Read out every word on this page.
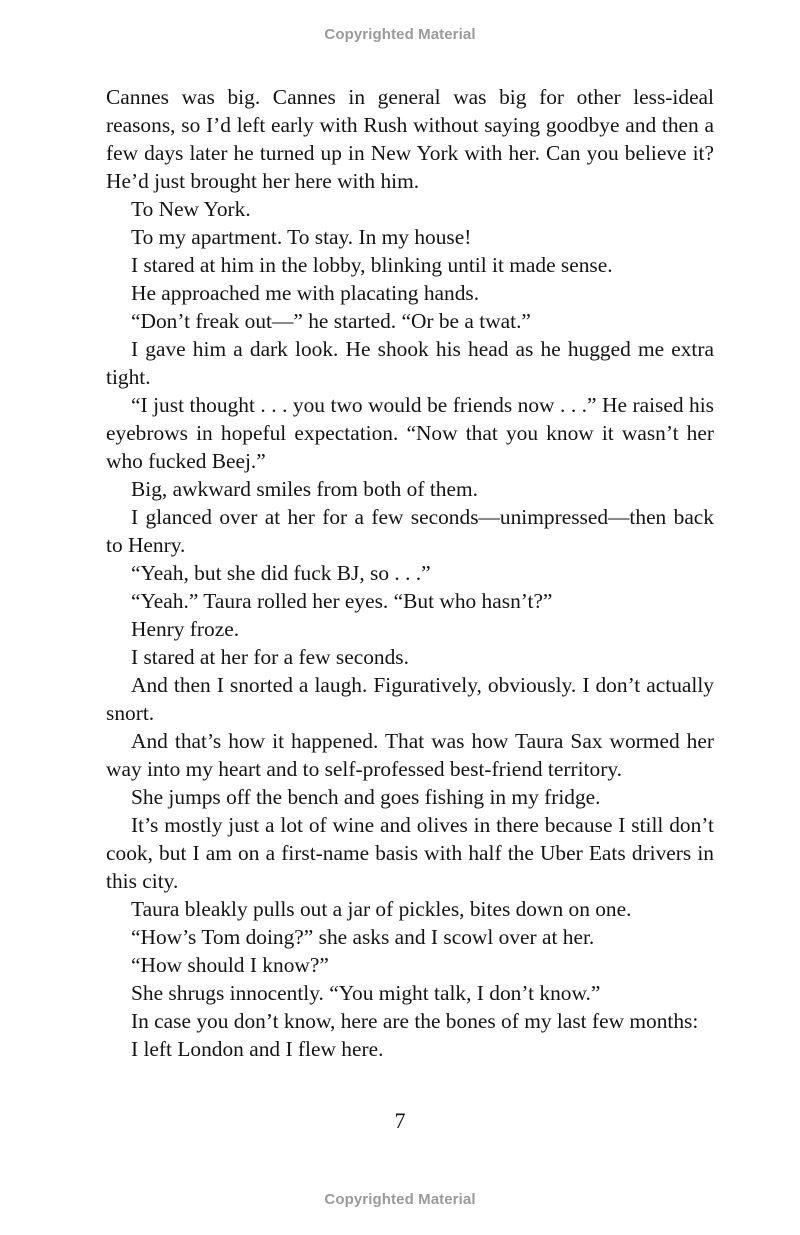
Copyrighted Material

Cannes was big. Cannes in general was big for other less-ideal reasons, so I’d left early with Rush without saying goodbye and then a few days later he turned up in New York with her. Can you believe it? He’d just brought her here with him.

To New York.

To my apartment. To stay. In my house!

I stared at him in the lobby, blinking until it made sense.

He approached me with placating hands.

“Don’t freak out—” he started. “Or be a twat.”

I gave him a dark look. He shook his head as he hugged me extra tight.

“I just thought . . . you two would be friends now . . .” He raised his eyebrows in hopeful expectation. “Now that you know it wasn’t her who fucked Beej.”

Big, awkward smiles from both of them.

I glanced over at her for a few seconds—unimpressed—then back to Henry.

“Yeah, but she did fuck BJ, so . . .”

“Yeah.” Taura rolled her eyes. “But who hasn’t?”

Henry froze.

I stared at her for a few seconds.

And then I snorted a laugh. Figuratively, obviously. I don’t actually snort.

And that’s how it happened. That was how Taura Sax wormed her way into my heart and to self-professed best-friend territory.

She jumps off the bench and goes fishing in my fridge.

It’s mostly just a lot of wine and olives in there because I still don’t cook, but I am on a first-name basis with half the Uber Eats drivers in this city.

Taura bleakly pulls out a jar of pickles, bites down on one.

“How’s Tom doing?” she asks and I scowl over at her.

“How should I know?”

She shrugs innocently. “You might talk, I don’t know.”

In case you don’t know, here are the bones of my last few months:

I left London and I flew here.

7
Copyrighted Material
